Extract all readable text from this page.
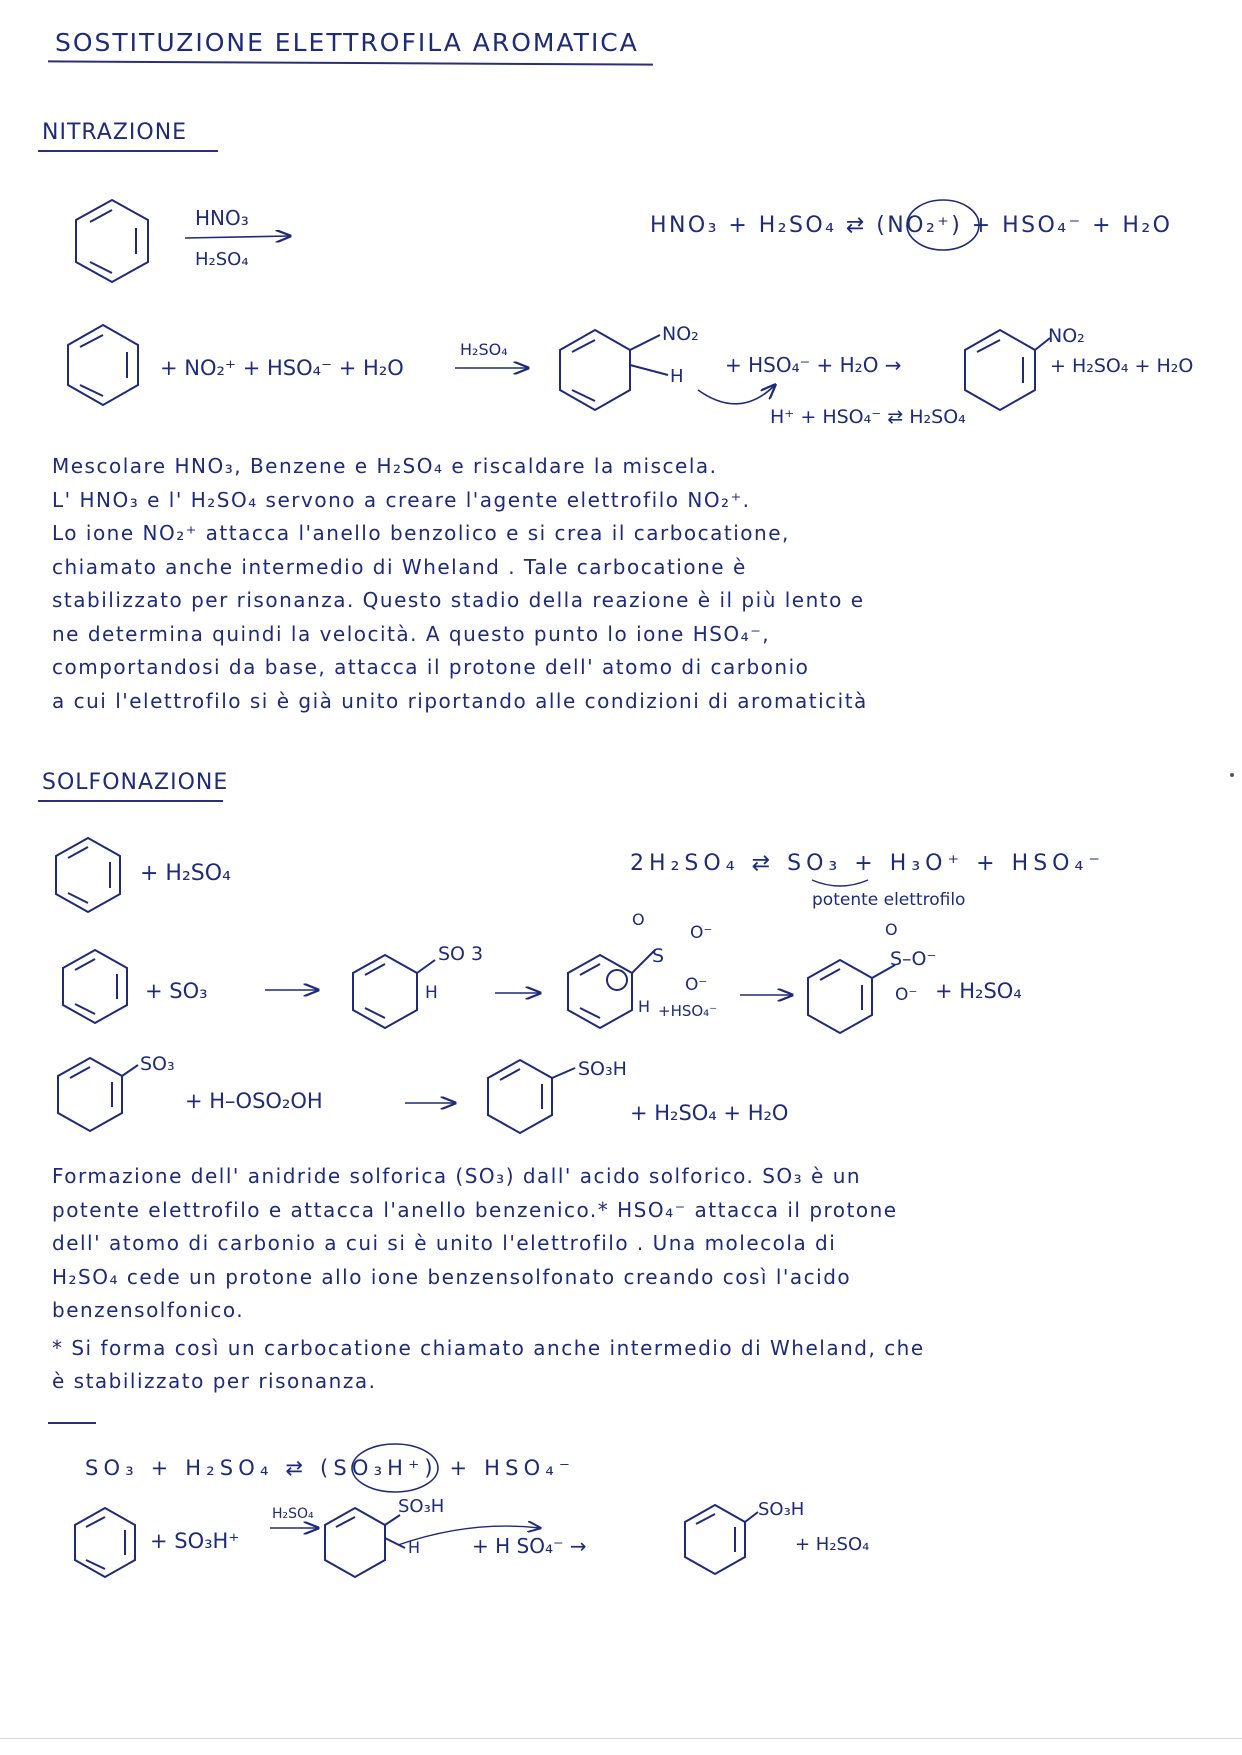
SOSTITUZIONE ELETTROFILA AROMATICA
NITRAZIONE
HNO₃
H₂SO₄
HNO₃ + H₂SO₄ ⇄ (NO₂⁺) + HSO₄⁻ + H₂O
+ NO₂⁺ + HSO₄⁻ + H₂O
H₂SO₄
NO₂
H + HSO₄⁻ + H₂O →
NO₂
+ H₂SO₄ + H₂O
H⁺ + HSO₄⁻ ⇄ H₂SO₄
+ H₂SO₄	2H₂SO₄ ⇄ SO₃ + H₃O⁺ + HSO₄⁻
potente elettrofilo
+ SO₃
SO 3
H
O
S
O⁻
O⁻
H +HSO₄⁻
O
S–O⁻
O⁻ + H₂SO₄
SO₃
+ H–OSO₂OH
SO₃H
+ H₂SO₄ + H₂O
SO₃ + H₂SO₄ ⇄ (SO₃H⁺) + HSO₄⁻
+ SO₃H⁺
H₂SO₄	SO₃H
H	+ H SO₄⁻ →
SO₃H
+ H₂SO₄
Mescolare HNO₃, Benzene e H₂SO₄ e riscaldare la miscela.
L' HNO₃ e l' H₂SO₄ servono a creare l'agente elettrofilo NO₂⁺.
Lo ione NO₂⁺ attacca l'anello benzolico e si crea il carbocatione,
chiamato anche intermedio di Wheland . Tale carbocatione è
stabilizzato per risonanza. Questo stadio della reazione è il più lento e
ne determina quindi la velocità. A questo punto lo ione HSO₄⁻,
comportandosi da base, attacca il protone dell' atomo di carbonio
a cui l'elettrofilo si è già unito riportando alle condizioni di aromaticità
SOLFONAZIONE
Formazione dell' anidride solforica (SO₃) dall' acido solforico. SO₃ è un
potente elettrofilo e attacca l'anello benzenico.* HSO₄⁻ attacca il protone
dell' atomo di carbonio a cui si è unito l'elettrofilo . Una molecola di
H₂SO₄ cede un protone allo ione benzensolfonato creando così l'acido
benzensolfonico.
* Si forma così un carbocatione chiamato anche intermedio di Wheland, che
è stabilizzato per risonanza.
